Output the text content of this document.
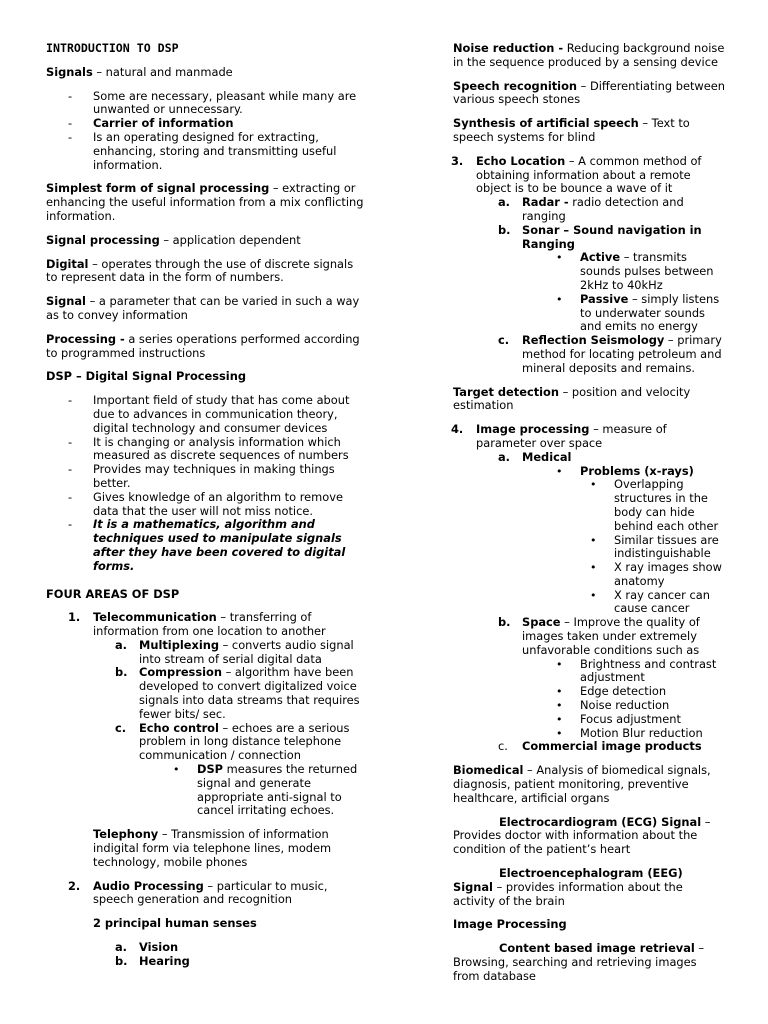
INTRODUCTION TO DSP

Signals – natural and manmade

- Some are necessary, pleasant while many are unwanted or unnecessary.
- Carrier of information
- Is an operating designed for extracting, enhancing, storing and transmitting useful information.

Simplest form of signal processing – extracting or enhancing the useful information from a mix conflicting information.

Signal processing – application dependent

Digital – operates through the use of discrete signals to represent data in the form of numbers.

Signal – a parameter that can be varied in such a way as to convey information

Processing - a series operations performed according to programmed instructions

DSP – Digital Signal Processing

- Important field of study that has come about due to advances in communication theory, digital technology and consumer devices
- It is changing or analysis information which measured as discrete sequences of numbers
- Provides may techniques in making things better.
- Gives knowledge of an algorithm to remove data that the user will not miss notice.
- It is a mathematics, algorithm and techniques used to manipulate signals after they have been covered to digital forms.

FOUR AREAS OF DSP

1. Telecommunication – transferring of information from one location to another
a. Multiplexing – converts audio signal into stream of serial digital data
b. Compression – algorithm have been developed to convert digitalized voice signals into data streams that requires fewer bits/ sec.
c. Echo control – echoes are a serious problem in long distance telephone communication / connection
• DSP measures the returned signal and generate appropriate anti-signal to cancel irritating echoes.

Telephony – Transmission of information indigital form via telephone lines, modem technology, mobile phones

2. Audio Processing – particular to music, speech generation and recognition

2 principal human senses

a. Vision
b. Hearing

Noise reduction - Reducing background noise in the sequence produced by a sensing device

Speech recognition – Differentiating between various speech stones

Synthesis of artificial speech – Text to speech systems for blind

3. Echo Location – A common method of obtaining information about a remote object is to be bounce a wave of it
a. Radar - radio detection and ranging
b. Sonar – Sound navigation in Ranging
• Active – transmits sounds pulses between 2kHz to 40kHz
• Passive – simply listens to underwater sounds and emits no energy
c. Reflection Seismology – primary method for locating petroleum and mineral deposits and remains.

Target detection – position and velocity estimation

4. Image processing – measure of parameter over space
a. Medical
• Problems (x-rays)
• Overlapping structures in the body can hide behind each other
• Similar tissues are indistinguishable
• X ray images show anatomy
• X ray cancer can cause cancer
b. Space – Improve the quality of images taken under extremely unfavorable conditions such as
• Brightness and contrast adjustment
• Edge detection
• Noise reduction
• Focus adjustment
• Motion Blur reduction
c. Commercial image products

Biomedical – Analysis of biomedical signals, diagnosis, patient monitoring, preventive healthcare, artificial organs

Electrocardiogram (ECG) Signal – Provides doctor with information about the condition of the patient’s heart

Electroencephalogram (EEG) Signal – provides information about the activity of the brain

Image Processing

Content based image retrieval – Browsing, searching and retrieving images from database
